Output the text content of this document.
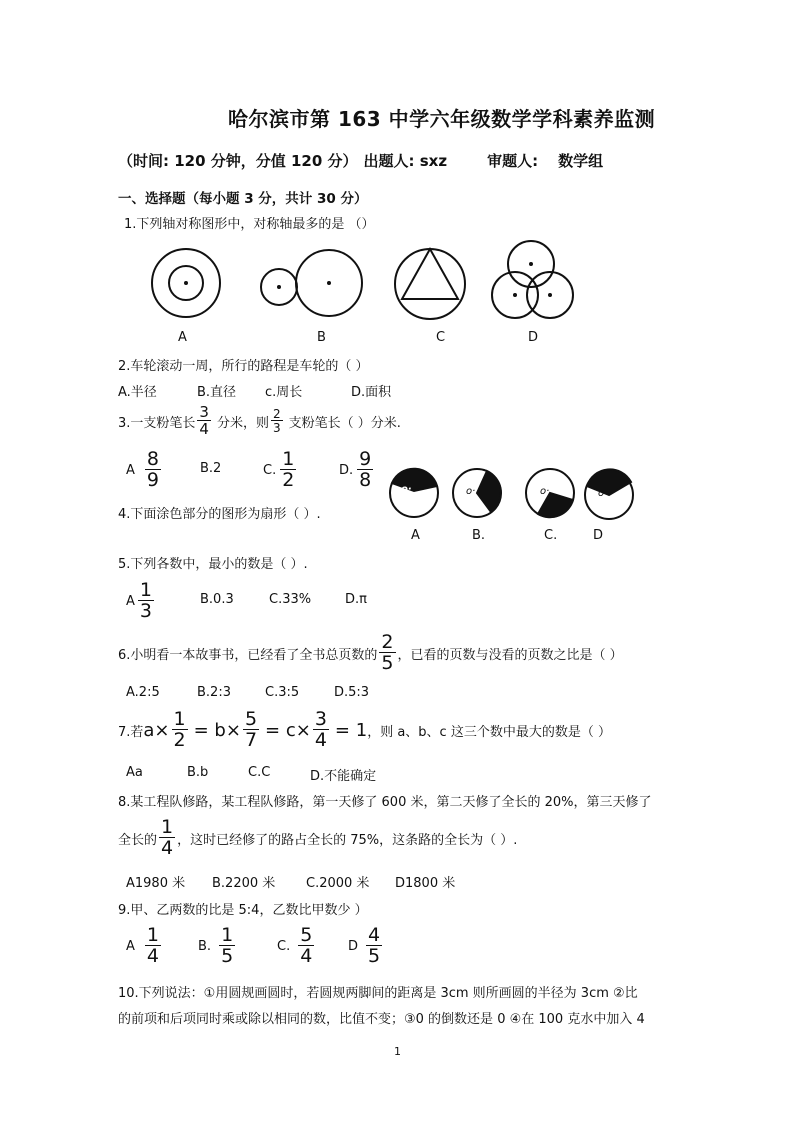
哈尔滨市第 163 中学六年级数学学科素养监测
（时间: 120 分钟，分值 120 分） 出题人: sxz	审题人: 数学组
一、选择题（每小题 3 分，共计 30 分）
1.下列轴对称图形中，对称轴最多的是 （）
A	B	C	D
2.车轮滚动一周，所行的路程是车轮的（ ）
A.半径	B.直径 c.周长	D.面积
3.一支粉笔长 $\frac{3}{4}$ 分米，则 $\frac{2}{3}$ 支粉笔长（ ）分米.
A $\frac{8}{9}$	B.2	C. $\frac{1}{2}$	D. $\frac{9}{8}$
4.下面涂色部分的图形为扇形（ ）.
o·	o·	o·	o·
A	B.	C.	D
5.下列各数中，最小的数是（ ）.
A $\frac{1}{3}$	B.0.3	C.33%	D.π
6.小明看一本故事书，已经看了全书总页数的 $\frac{2}{5}$ ，已看的页数与没看的页数之比是（ ）
A.2:5	B.2:3	C.3:5	D.5:3
7.若 $a\times \frac{1}{2} = b\times \frac{5}{7} = c\times \frac{3}{4} = 1$ ，则 a、b、c 这三个数中最大的数是（ ）
Aa	B.b	C.C	D.不能确定
8.某工程队修路，某工程队修路，第一天修了 600 米，第二天修了全长的 20%，第三天修了
全长的 $\frac{1}{4}$ ，这时已经修了的路占全长的 75%，这条路的全长为（ ）.
A1980 米 B.2200 米 C.2000 米 D1800 米
9.甲、乙两数的比是 5:4，乙数比甲数少 ）
A $\frac{1}{4}$	B. $\frac{1}{5}$	C. $\frac{5}{4}$	D $\frac{4}{5}$
10.下列说法：①用圆规画圆时，若圆规两脚间的距离是 3cm 则所画圆的半径为 3cm ②比
的前项和后项同时乘或除以相同的数，比值不变；③0 的倒数还是 0 ④在 100 克水中加入 4
1
